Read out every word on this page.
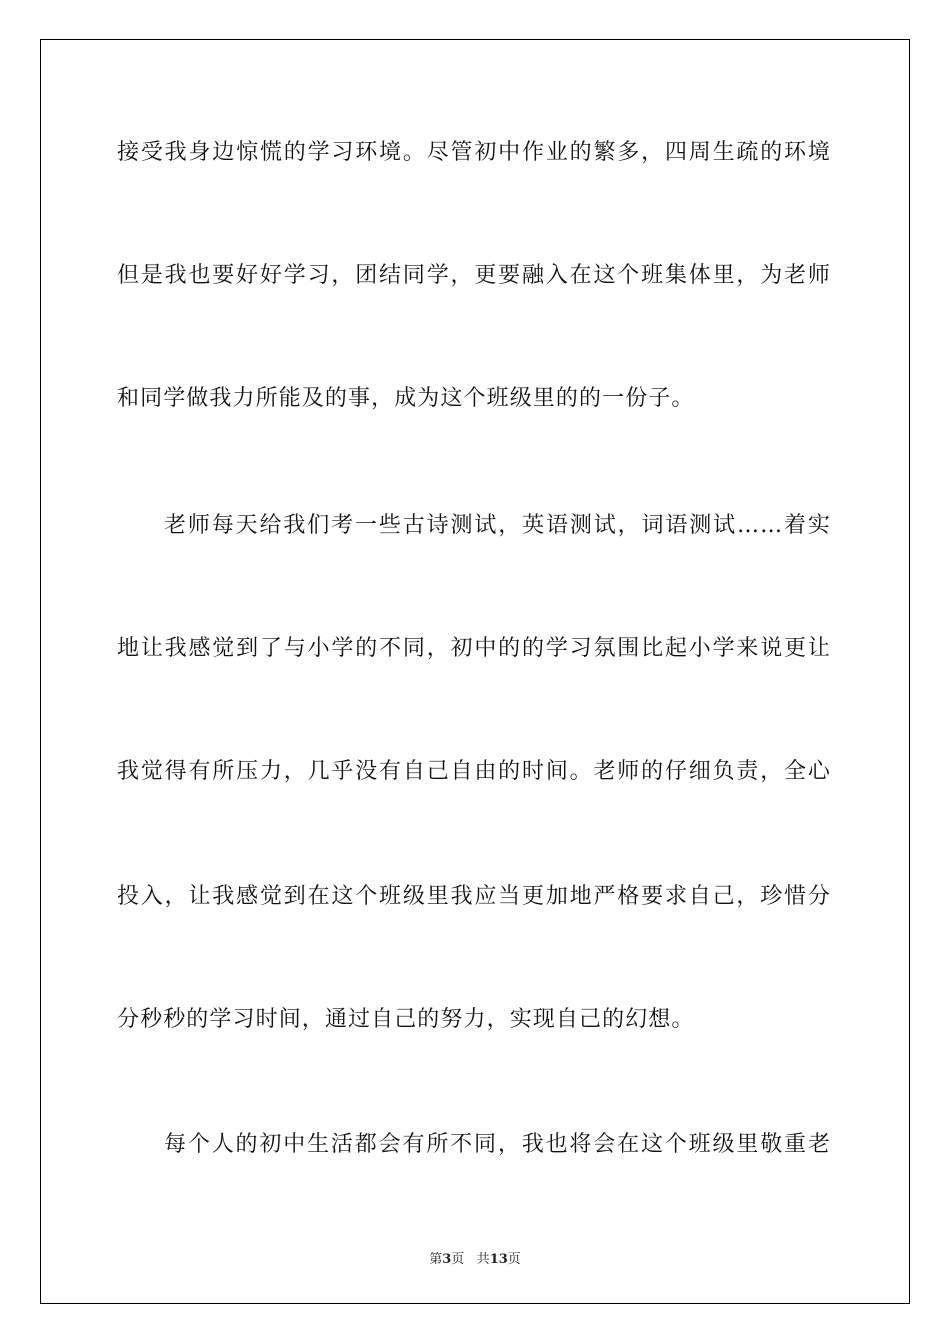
接受我身边惊慌的学习环境。尽管初中作业的繁多，四周生疏的环境

但是我也要好好学习，团结同学，更要融入在这个班集体里，为老师

和同学做我力所能及的事，成为这个班级里的的一份子。

老师每天给我们考一些古诗测试，英语测试，词语测试……着实

地让我感觉到了与小学的不同，初中的的学习氛围比起小学来说更让

我觉得有所压力，几乎没有自己自由的时间。老师的仔细负责，全心

投入，让我感觉到在这个班级里我应当更加地严格要求自己，珍惜分

分秒秒的学习时间，通过自己的努力，实现自己的幻想。

每个人的初中生活都会有所不同，我也将会在这个班级里敬重老

第3页 共13页
